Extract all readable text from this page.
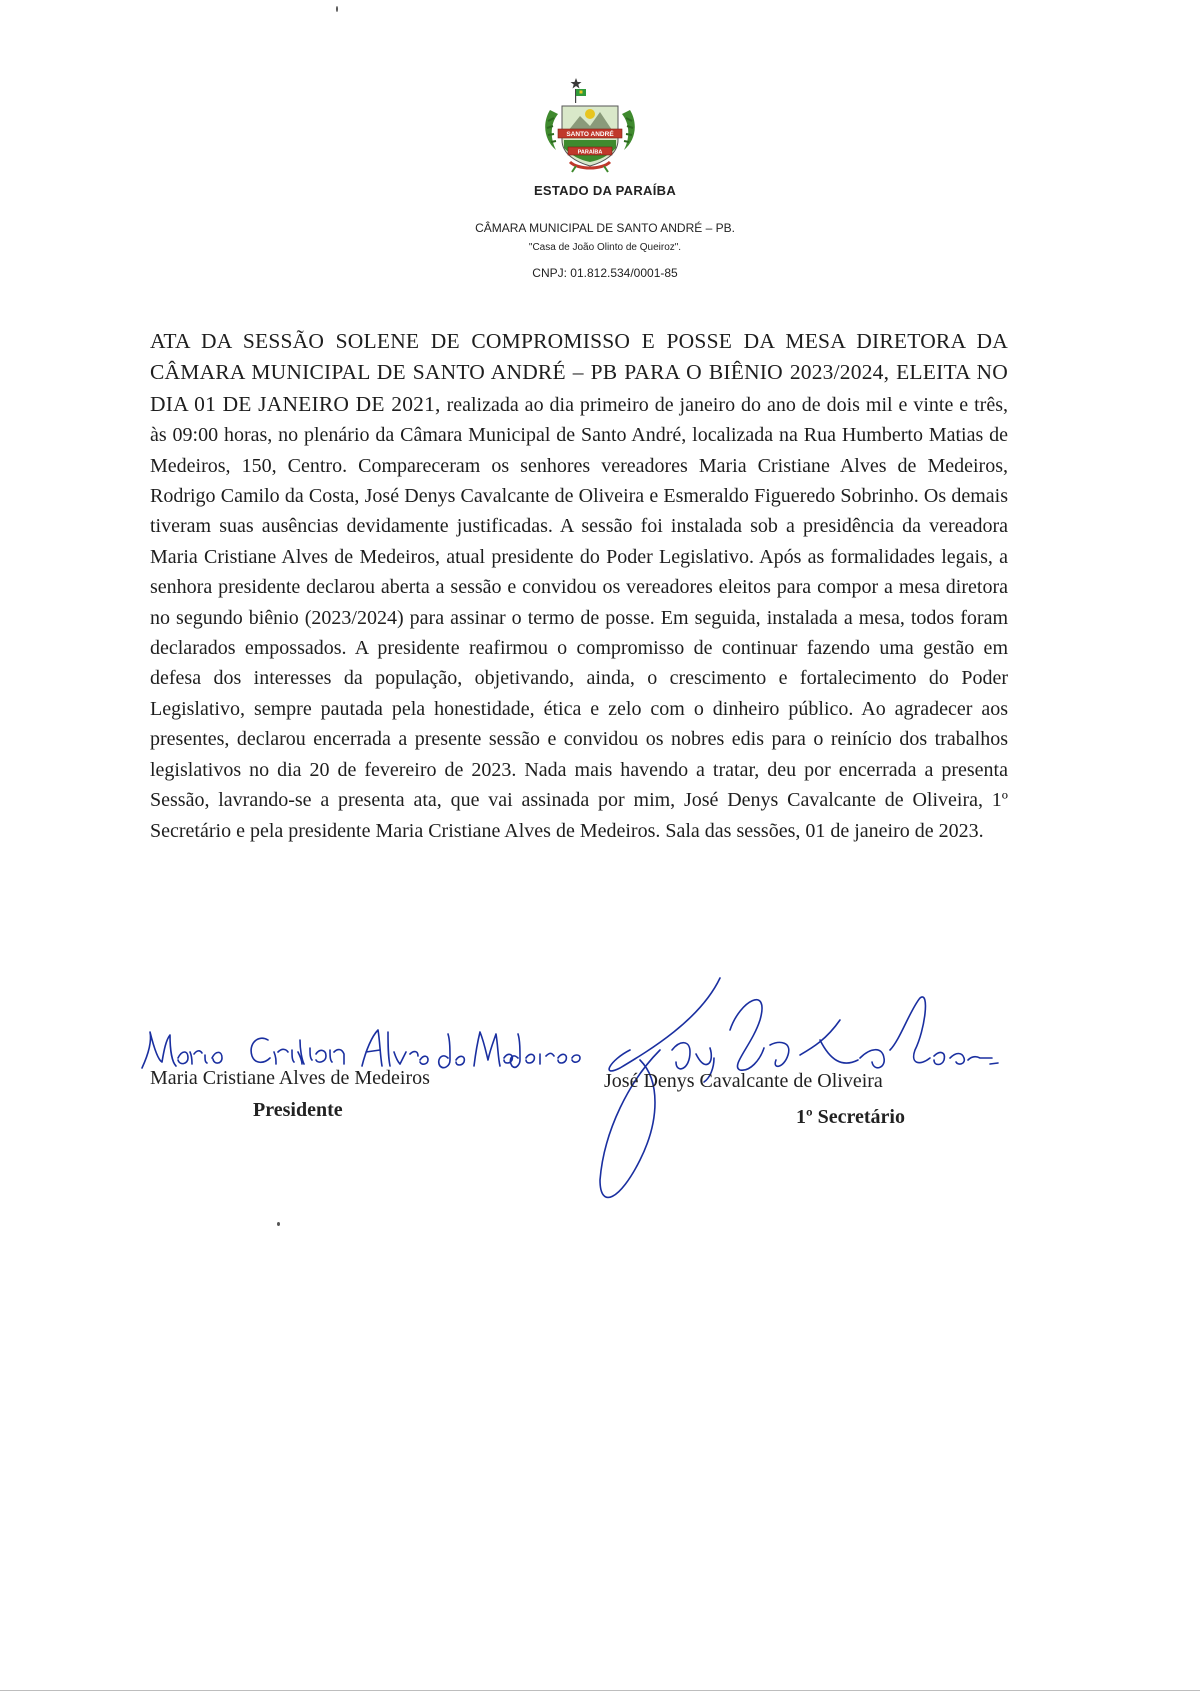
SANTO ANDRÉ
PARAÍBA
ESTADO DA PARAÍBA
CÂMARA MUNICIPAL DE SANTO ANDRÉ – PB.
"Casa de João Olinto de Queiroz".
CNPJ: 01.812.534/0001-85
ATA DA SESSÃO SOLENE DE COMPROMISSO E POSSE DA MESA DIRETORA DA CÂMARA MUNICIPAL DE SANTO ANDRÉ – PB PARA O BIÊNIO 2023/2024, ELEITA NO DIA 01 DE JANEIRO DE 2021, realizada ao dia primeiro de janeiro do ano de dois mil e vinte e três, às 09:00 horas, no plenário da Câmara Municipal de Santo André, localizada na Rua Humberto Matias de Medeiros, 150, Centro. Compareceram os senhores vereadores Maria Cristiane Alves de Medeiros, Rodrigo Camilo da Costa, José Denys Cavalcante de Oliveira e Esmeraldo Figueredo Sobrinho. Os demais tiveram suas ausências devidamente justificadas. A sessão foi instalada sob a presidência da vereadora Maria Cristiane Alves de Medeiros, atual presidente do Poder Legislativo. Após as formalidades legais, a senhora presidente declarou aberta a sessão e convidou os vereadores eleitos para compor a mesa diretora no segundo biênio (2023/2024) para assinar o termo de posse. Em seguida, instalada a mesa, todos foram declarados empossados. A presidente reafirmou o compromisso de continuar fazendo uma gestão em defesa dos interesses da população, objetivando, ainda, o crescimento e fortalecimento do Poder Legislativo, sempre pautada pela honestidade, ética e zelo com o dinheiro público. Ao agradecer aos presentes, declarou encerrada a presente sessão e convidou os nobres edis para o reinício dos trabalhos legislativos no dia 20 de fevereiro de 2023. Nada mais havendo a tratar, deu por encerrada a presenta Sessão, lavrando-se a presenta ata, que vai assinada por mim, José Denys Cavalcante de Oliveira, 1º Secretário e pela presidente Maria Cristiane Alves de Medeiros. Sala das sessões, 01 de janeiro de 2023.
Maria Cristiane Alves de Medeiros
Presidente
José Denys Cavalcante de Oliveira
1º Secretário
